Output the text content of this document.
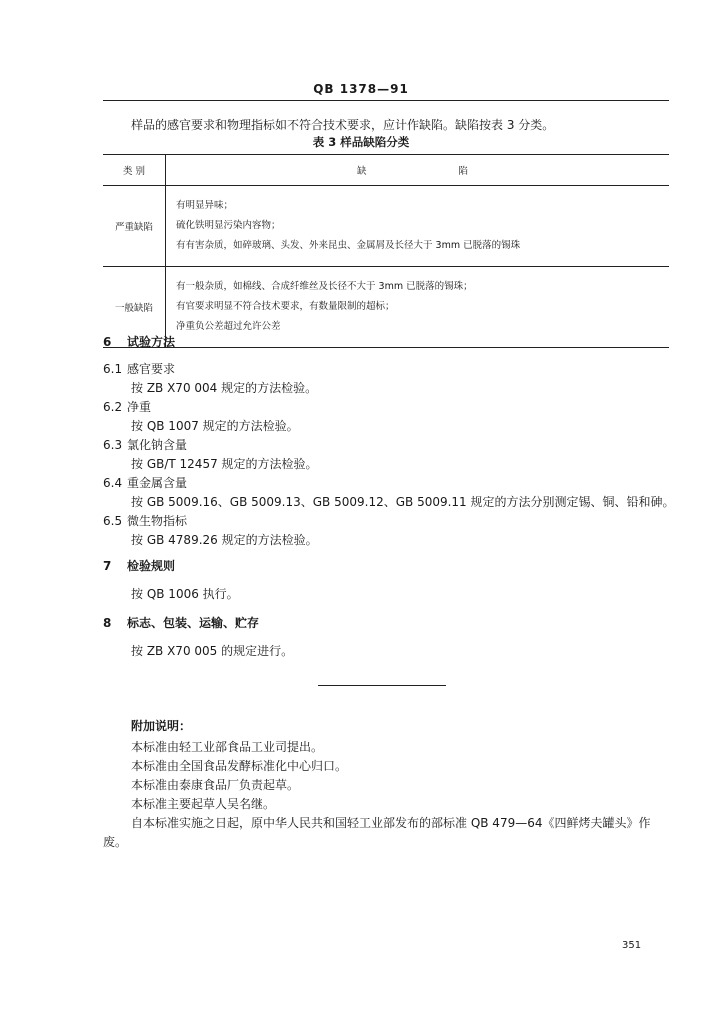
QB 1378—91
样品的感官要求和物理指标如不符合技术要求，应计作缺陷。缺陷按表 3 分类。
表 3 样品缺陷分类
类 别	缺 陷

严重缺陷	有明显异味；
硫化铁明显污染内容物；
有有害杂质，如碎玻璃、头发、外来昆虫、金属屑及长径大于 3mm 已脱落的锡珠

一般缺陷	有一般杂质，如棉线、合成纤维丝及长径不大于 3mm 已脱落的锡珠；
有官要求明显不符合技术要求，有数量限制的超标；
净重负公差超过允许公差
6 试验方法
6.1 感官要求
按 ZB X70 004 规定的方法检验。
6.2 净重
按 QB 1007 规定的方法检验。
6.3 氯化钠含量
按 GB/T 12457 规定的方法检验。
6.4 重金属含量
按 GB 5009.16、GB 5009.13、GB 5009.12、GB 5009.11 规定的方法分别测定锡、铜、铅和砷。
6.5 微生物指标
按 GB 4789.26 规定的方法检验。
7 检验规则
按 QB 1006 执行。
8 标志、包装、运输、贮存
按 ZB X70 005 的规定进行。
附加说明：
本标准由轻工业部食品工业司提出。
本标准由全国食品发酵标准化中心归口。
本标准由泰康食品厂负责起草。
本标准主要起草人吴名继。
自本标准实施之日起，原中华人民共和国轻工业部发布的部标准 QB 479—64《四鲜烤夫罐头》作
废。
351
